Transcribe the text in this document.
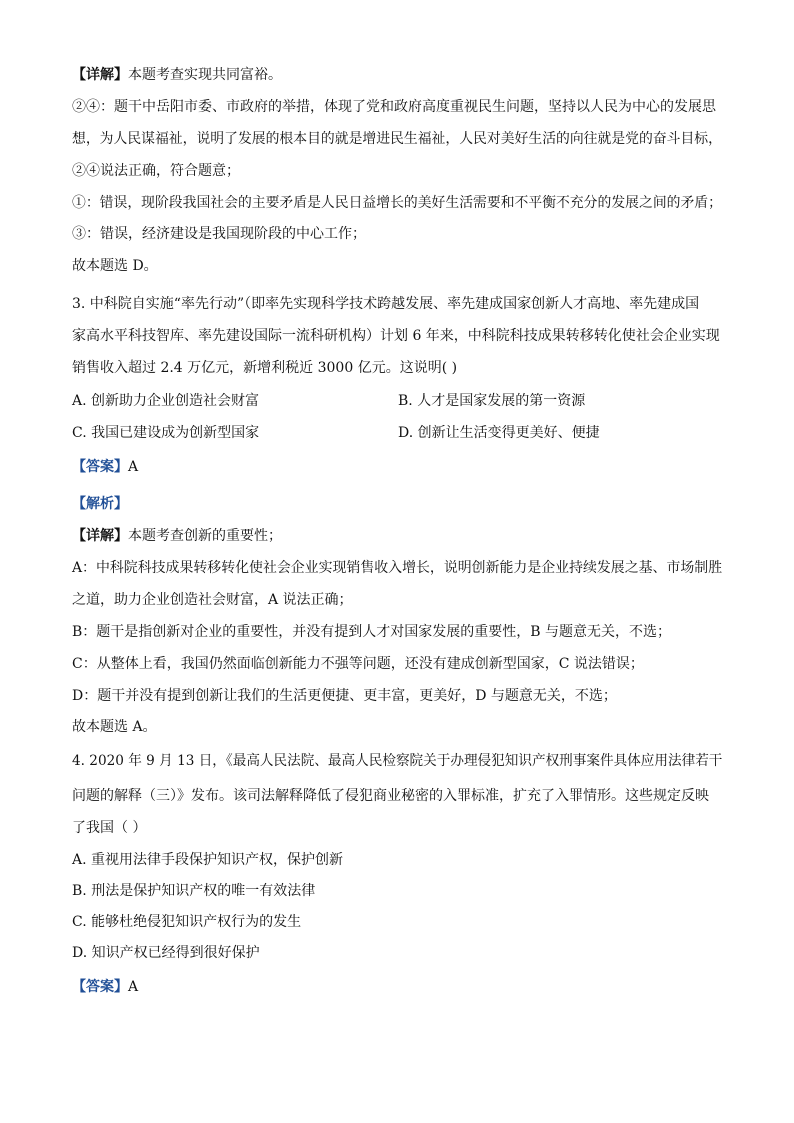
【详解】本题考查实现共同富裕。
②④：题干中岳阳市委、市政府的举措，体现了党和政府高度重视民生问题，坚持以人民为中心的发展思
想，为人民谋福祉，说明了发展的根本目的就是增进民生福祉，人民对美好生活的向往就是党的奋斗目标，
②④说法正确，符合题意；
①：错误，现阶段我国社会的主要矛盾是人民日益增长的美好生活需要和不平衡不充分的发展之间的矛盾；
③：错误，经济建设是我国现阶段的中心工作；
故本题选 D。
3. 中科院自实施“率先行动”（即率先实现科学技术跨越发展、率先建成国家创新人才高地、率先建成国
家高水平科技智库、率先建设国际一流科研机构）计划 6 年来，中科院科技成果转移转化使社会企业实现
销售收入超过 2.4 万亿元，新增利税近 3000 亿元。这说明( )
A. 创新助力企业创造社会财富	B. 人才是国家发展的第一资源
C. 我国已建设成为创新型国家	D. 创新让生活变得更美好、便捷
【答案】A
【解析】
【详解】本题考查创新的重要性；
A：中科院科技成果转移转化使社会企业实现销售收入增长，说明创新能力是企业持续发展之基、市场制胜
之道，助力企业创造社会财富，A 说法正确；
B：题干是指创新对企业的重要性，并没有提到人才对国家发展的重要性，B 与题意无关，不选；
C：从整体上看，我国仍然面临创新能力不强等问题，还没有建成创新型国家，C 说法错误；
D：题干并没有提到创新让我们的生活更便捷、更丰富，更美好，D 与题意无关，不选；
故本题选 A。
4. 2020 年 9 月 13 日，《最高人民法院、最高人民检察院关于办理侵犯知识产权刑事案件具体应用法律若干
问题的解释（三）》发布。该司法解释降低了侵犯商业秘密的入罪标准，扩充了入罪情形。这些规定反映
了我国（ ）
A. 重视用法律手段保护知识产权，保护创新
B. 刑法是保护知识产权的唯一有效法律
C. 能够杜绝侵犯知识产权行为的发生
D. 知识产权已经得到很好保护
【答案】A
